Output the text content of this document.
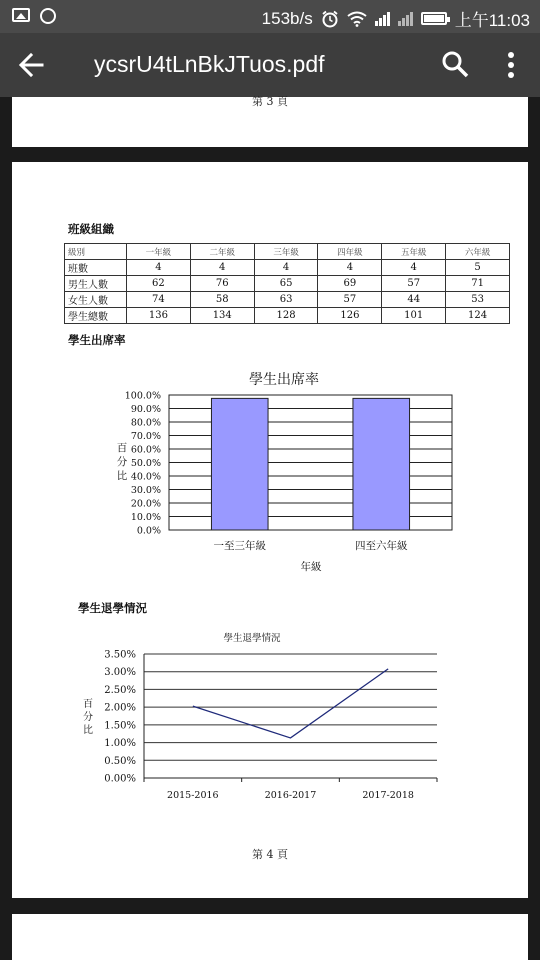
153b/s	上午11:03
ycsrU4tLnBkJTuos.pdf
第 3 頁
班級組織
級別	一年級	二年級	三年級	四年級	五年級	六年級
班數	4	4	4	4	4	5
男生人數	62	76	65	69	57	71
女生人數	74	58	63	57	44	53
學生總數	136	134	128	126	101	124
學生出席率
學生出席率
0.0%
10.0%
20.0%
30.0%
40.0%
50.0%
60.0%
70.0%
80.0%
90.0%
100.0%
一至三年級	四至六年級
百分比
年級
學生退學情況
學生退學情況
0.00%
0.50%
1.00%
1.50%
2.00%
2.50%
3.00%
3.50%
2015-2016	2016-2017	2017-2018
百分比
第 4 頁
